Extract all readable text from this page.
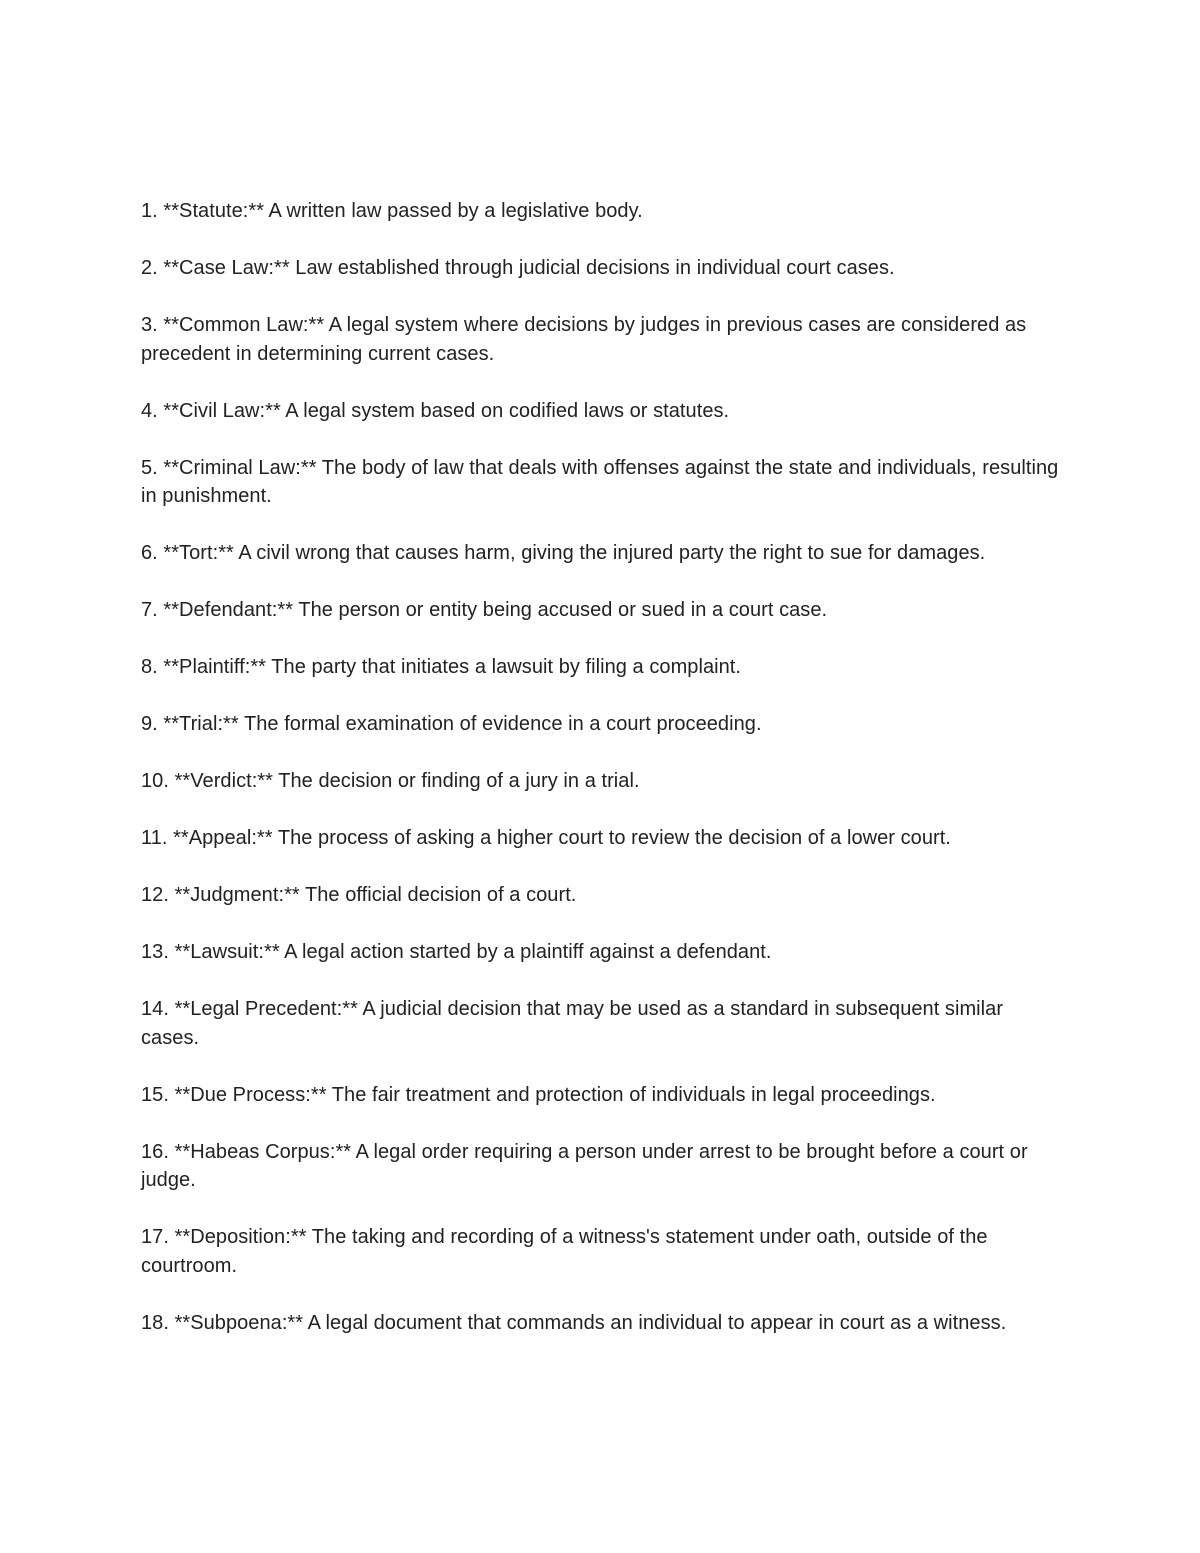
1. **Statute:** A written law passed by a legislative body.
2. **Case Law:** Law established through judicial decisions in individual court cases.
3. **Common Law:** A legal system where decisions by judges in previous cases are considered as precedent in determining current cases.
4. **Civil Law:** A legal system based on codified laws or statutes.
5. **Criminal Law:** The body of law that deals with offenses against the state and individuals, resulting in punishment.
6. **Tort:** A civil wrong that causes harm, giving the injured party the right to sue for damages.
7. **Defendant:** The person or entity being accused or sued in a court case.
8. **Plaintiff:** The party that initiates a lawsuit by filing a complaint.
9. **Trial:** The formal examination of evidence in a court proceeding.
10. **Verdict:** The decision or finding of a jury in a trial.
11. **Appeal:** The process of asking a higher court to review the decision of a lower court.
12. **Judgment:** The official decision of a court.
13. **Lawsuit:** A legal action started by a plaintiff against a defendant.
14. **Legal Precedent:** A judicial decision that may be used as a standard in subsequent similar cases.
15. **Due Process:** The fair treatment and protection of individuals in legal proceedings.
16. **Habeas Corpus:** A legal order requiring a person under arrest to be brought before a court or judge.
17. **Deposition:** The taking and recording of a witness's statement under oath, outside of the courtroom.
18. **Subpoena:** A legal document that commands an individual to appear in court as a witness.
